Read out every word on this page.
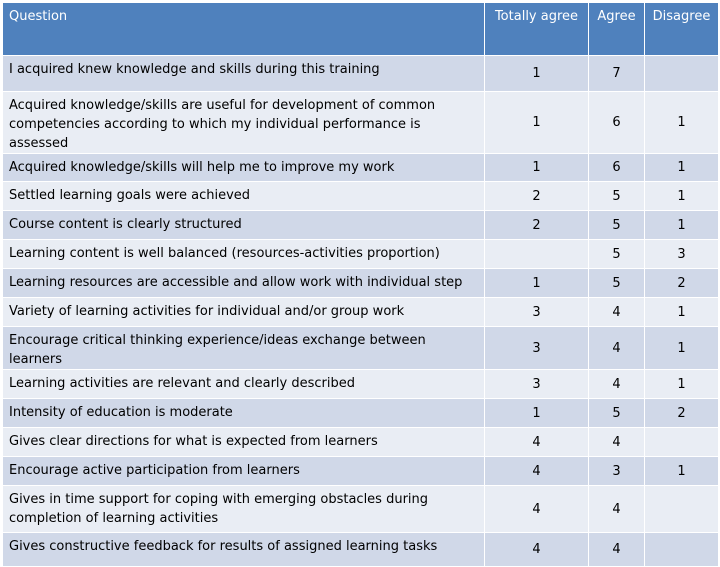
Question	Totally agree	Agree	Disagree
I acquired knew knowledge and skills during this training	1	7	
Acquired knowledge/skills are useful for development of common competencies according to which my individual performance is assessed	1	6	1
Acquired knowledge/skills will help me to improve my work	1	6	1
Settled learning goals were achieved	2	5	1
Course content is clearly structured	2	5	1
Learning content is well balanced (resources-activities proportion)		5	3
Learning resources are accessible and allow work with individual step	1	5	2
Variety of learning activities for individual and/or group work	3	4	1
Encourage critical thinking experience/ideas exchange between learners	3	4	1
Learning activities are relevant and clearly described	3	4	1
Intensity of education is moderate	1	5	2
Gives clear directions for what is expected from learners	4	4	
Encourage active participation from learners	4	3	1
Gives in time support for coping with emerging obstacles during completion of learning activities	4	4	
Gives constructive feedback for results of assigned learning tasks	4	4	
